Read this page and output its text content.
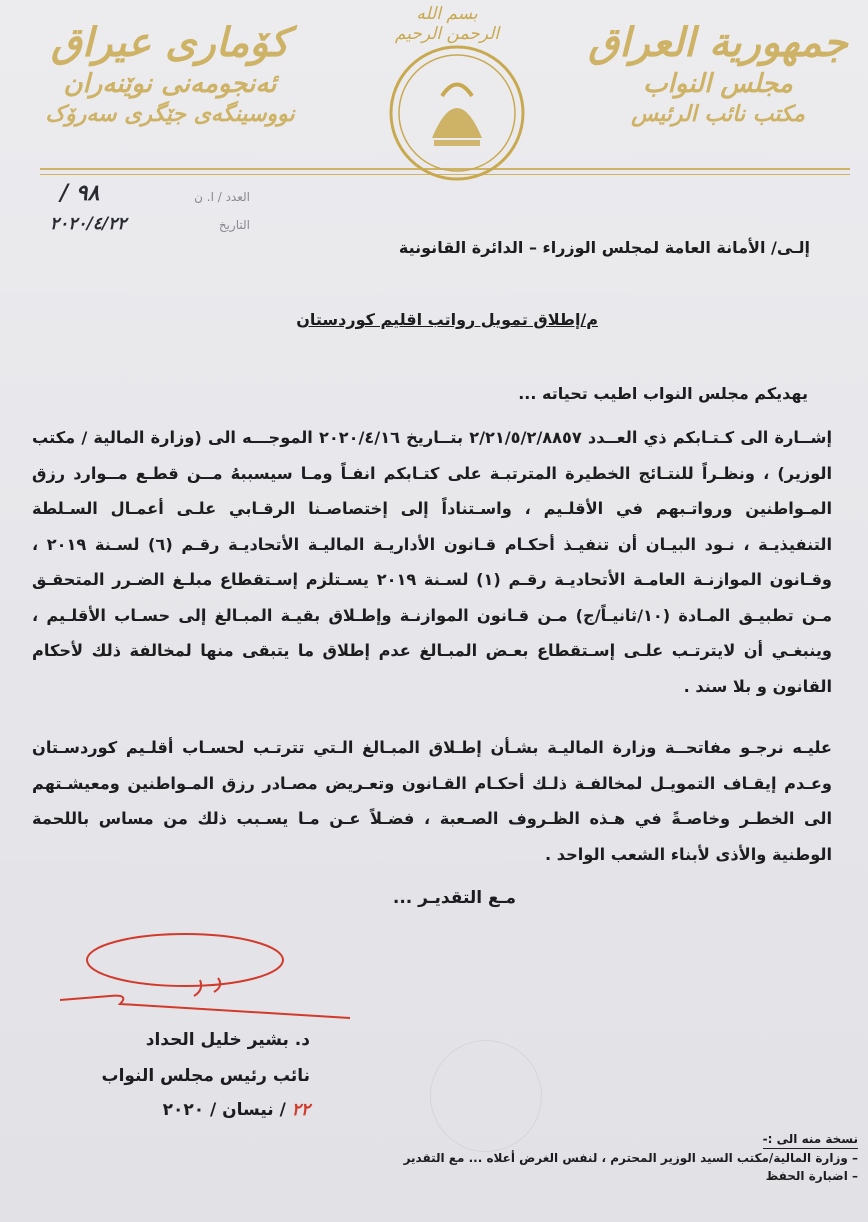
كۆماری عیراق
ئه‌نجومه‌نی نوێنه‌ران
نووسینگه‌ی جێگری سه‌رۆک
بسم الله الرحمن الرحيم جمهورية العراق
مجلس النواب
مكتب نائب الرئيس
العدد / ا. ن
٩٨ /
التاريخ
٢٠٢٠/٤/٢٢
إلـى/ الأمانة العامة لمجلس الوزراء – الدائرة القانونية
م/إطلاق تمويل رواتب اقليم كوردستان
يهديكم مجلس النواب اطيب تحياته ...
إشــارة الى كـتـابكم ذي العــدد ٢/٢١/٥/٢/٨٨٥٧ بتــاريخ ٢٠٢٠/٤/١٦ الموجـــه الى (وزارة المالية / مكتب الوزير) ، ونظـراً للنتـائج الخطيرة المترتبـة على كتـابكم انفـاً ومـا سيسببهُ مــن قطـع مــوارد رزق المـواطنين ورواتـبهم في الأقلـيم ، واسـتناداً إلى إختصاصـنا الرقـابي علـى أعمـال السـلطة التنفيذيـة ، نـود البيـان أن تنفيـذ أحكـام قـانون الأداريـة الماليـة الأتحاديـة رقـم (٦) لسـنة ٢٠١٩ ، وقـانون الموازنـة العامـة الأتحاديـة رقـم (١) لسـنة ٢٠١٩ يسـتلزم إسـتقطاع مبلـغ الضـرر المتحقـق مـن تطبيـق المـادة (١٠/ثانيـاً/ج) مـن قـانون الموازنـة وإطـلاق بقيـة المبـالغ إلى حسـاب الأقلـيم ، وينبغـي أن لايترتـب علـى إسـتقطاع بعـض المبـالغ عدم إطلاق ما يتبقى منها لمخالفة ذلك لأحكام القانون و بلا سند .
عليـه نرجـو مفاتحــة وزارة الماليـة بشـأن إطـلاق المبـالغ الـتي تترتـب لحسـاب أقلـيم كوردسـتان وعـدم إيقـاف التمويـل لمخالفـة ذلـك أحكـام القـانون وتعـريض مصـادر رزق المـواطنين ومعيشـتهم الى الخطـر وخاصـةً في هـذه الظـروف الصـعبة ، فضـلاً عـن مـا يسـبب ذلك من مساس باللحمة الوطنية والأذى لأبناء الشعب الواحد .
مـع التقديـر ...
د. بشير خليل الحداد
نائب رئيس مجلس النواب
٢٢ / نيسان / ٢٠٢٠
نسخة منه الى :-
– وزارة المالية/مكتب السيد الوزير المحترم ، لنفس الغرض أعلاه ... مع التقدير
– اضبارة الحفظ
